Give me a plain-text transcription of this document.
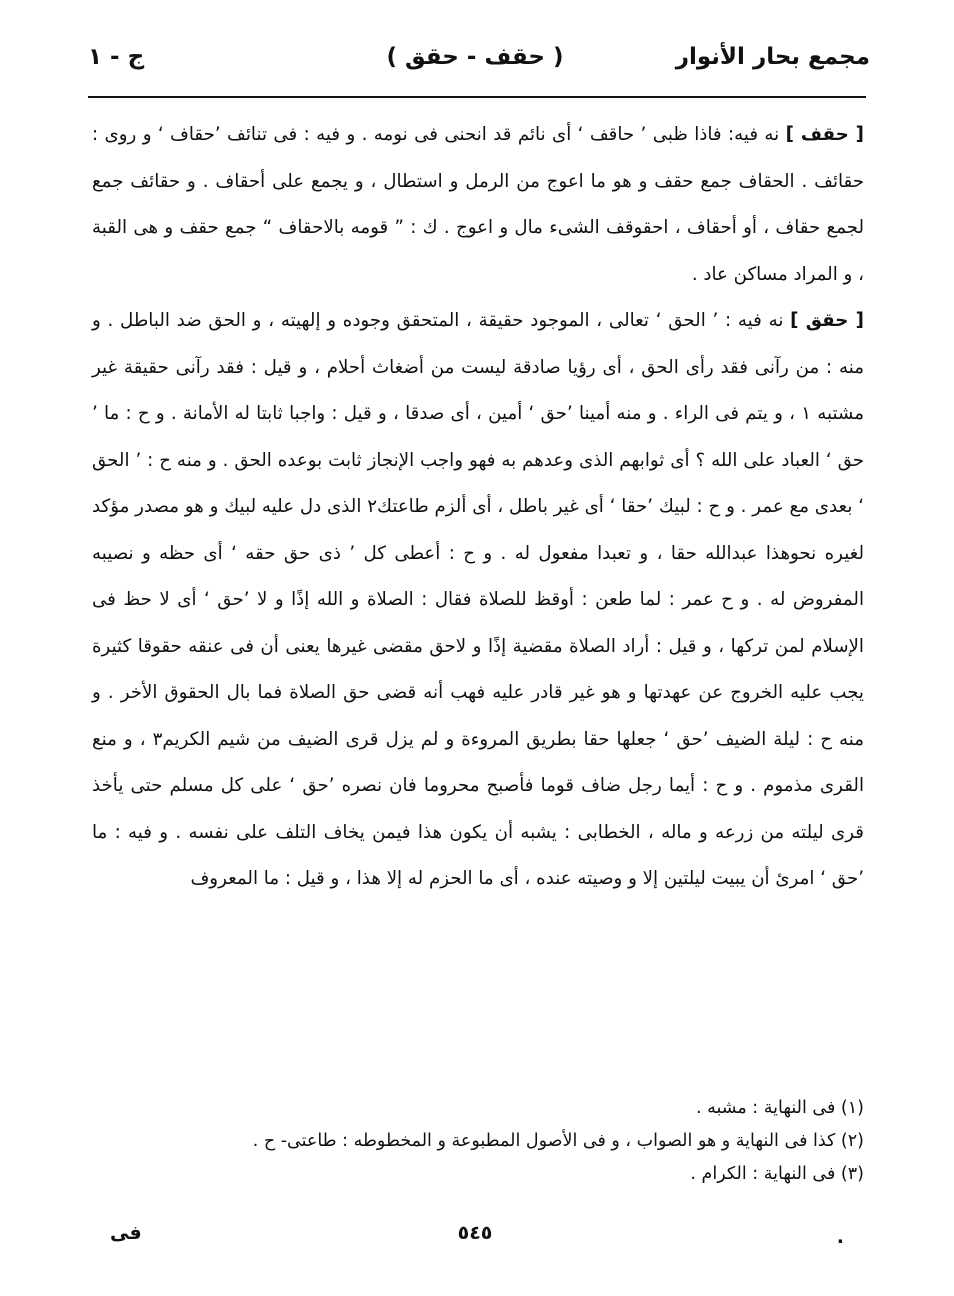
مجمع بحار الأنوار
( حقف - حقق )
ج - ١

[ حقف ] نه فيه: فاذا ظبى ’ حاقف ‘ أى نائم قد انحنى فى نومه . و فيه : فى تنائف ’حقاف ‘ و روى : حقائف . الحقاف جمع حقف و هو ما اعوج من الرمل و استطال ، و يجمع على أحقاف . و حقائف جمع لجمع حقاف ، أو أحقاف ، احقوقف الشىء مال و اعوج . ك : ” قومه بالاحقاف “ جمع حقف و هى القبة ، و المراد مساكن عاد .

[ حقق ] نه فيه : ’ الحق ‘ تعالى ، الموجود حقيقة ، المتحقق وجوده و إلهيته ، و الحق ضد الباطل . و منه : من رآنى فقد رأى الحق ، أى رؤيا صادقة ليست من أضغاث أحلام ، و قيل : فقد رآنى حقيقة غير مشتبه ١ ، و يتم فى الراء . و منه أمينا ’حق ‘ أمين ، أى صدقا ، و قيل : واجبا ثابتا له الأمانة . و ح : ما ’ حق ‘ العباد على الله ؟ أى ثوابهم الذى وعدهم به فهو واجب الإنجاز ثابت بوعده الحق . و منه ح : ’ الحق ‘ بعدى مع عمر . و ح : لبيك ’حقا ‘ أى غير باطل ، أى ألزم طاعتك٢ الذى دل عليه لبيك و هو مصدر مؤكد لغيره نحوهذا عبدالله حقا ، و تعبدا مفعول له . و ح : أعطى كل ’ ذى حق حقه ‘ أى حظه و نصيبه المفروض له . و ح عمر : لما طعن : أوقظ للصلاة فقال : الصلاة و الله إذًا و لا ’حق ‘ أى لا حظ فى الإسلام لمن تركها ، و قيل : أراد الصلاة مقضية إذًا و لاحق مقضى غيرها يعنى أن فى عنقه حقوقا كثيرة يجب عليه الخروج عن عهدتها و هو غير قادر عليه فهب أنه قضى حق الصلاة فما بال الحقوق الأخر . و منه ح : ليلة الضيف ’حق ‘ جعلها حقا بطريق المروءة و لم يزل قرى الضيف من شيم الكريم٣ ، و منع القرى مذموم . و ح : أيما رجل ضاف قوما فأصبح محروما فان نصره ’حق ‘ على كل مسلم حتى يأخذ قرى ليلته من زرعه و ماله ، الخطابى : يشبه أن يكون هذا فيمن يخاف التلف على نفسه . و فيه : ما ’حق ‘ امرئ أن يبيت ليلتين إلا و وصيته عنده ، أى ما الحزم له إلا هذا ، و قيل : ما المعروف

(١) فى النهاية : مشبه .

(٢) كذا فى النهاية و هو الصواب ، و فى الأصول المطبوعة و المخطوطه : طاعتى- ح .

(٣) فى النهاية : الكرام .

فى	٥٤٥	.
